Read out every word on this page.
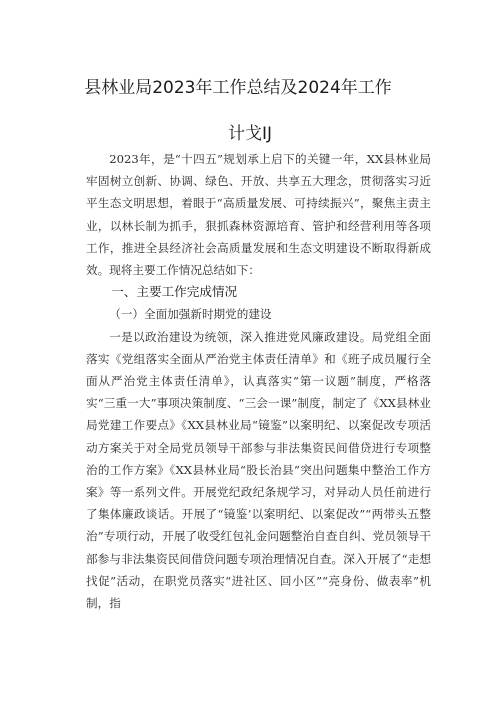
县林业局2023年工作总结及2024年工作
计戈IJ

2023年，是“十四五”规划承上启下的关键一年，XX县林业局牢固树立创新、协调、绿色、开放、共享五大理念，贯彻落实习近平生态文明思想，着眼于“高质量发展、可持续振兴”，聚焦主责主业，以林长制为抓手，狠抓森林资源培育、管护和经营利用等各项工作，推进全县经济社会高质量发展和生态文明建设不断取得新成效。现将主要工作情况总结如下：

一、主要工作完成情况

（一）全面加强新时期党的建设

一是以政治建设为统领，深入推进党风廉政建设。局党组全面落实《党组落实全面从严治党主体责任清单》和《班子成员履行全面从严治党主体责任清单》，认真落实“第一议题”制度，严格落实“三重一大”事项决策制度、“三会一课”制度，制定了《XX县林业局党建工作要点》《XX县林业局“镜鉴”以案明纪、以案促改专项活动方案关于对全局党员领导干部参与非法集资民间借贷进行专项整治的工作方案》《XX县林业局“股长治县”突出问题集中整治工作方案》等一系列文件。开展党纪政纪条规学习，对异动人员任前进行了集体廉政谈话。开展了“镜鉴’以案明纪、以案促改”“两带头五整治”专项行动，开展了收受红包礼金问题整治自查自纠、党员领导干部参与非法集资民间借贷问题专项治理情况自查。深入开展了“走想找促”活动，在职党员落实“进社区、回小区”“亮身份、做表率”机制，指
